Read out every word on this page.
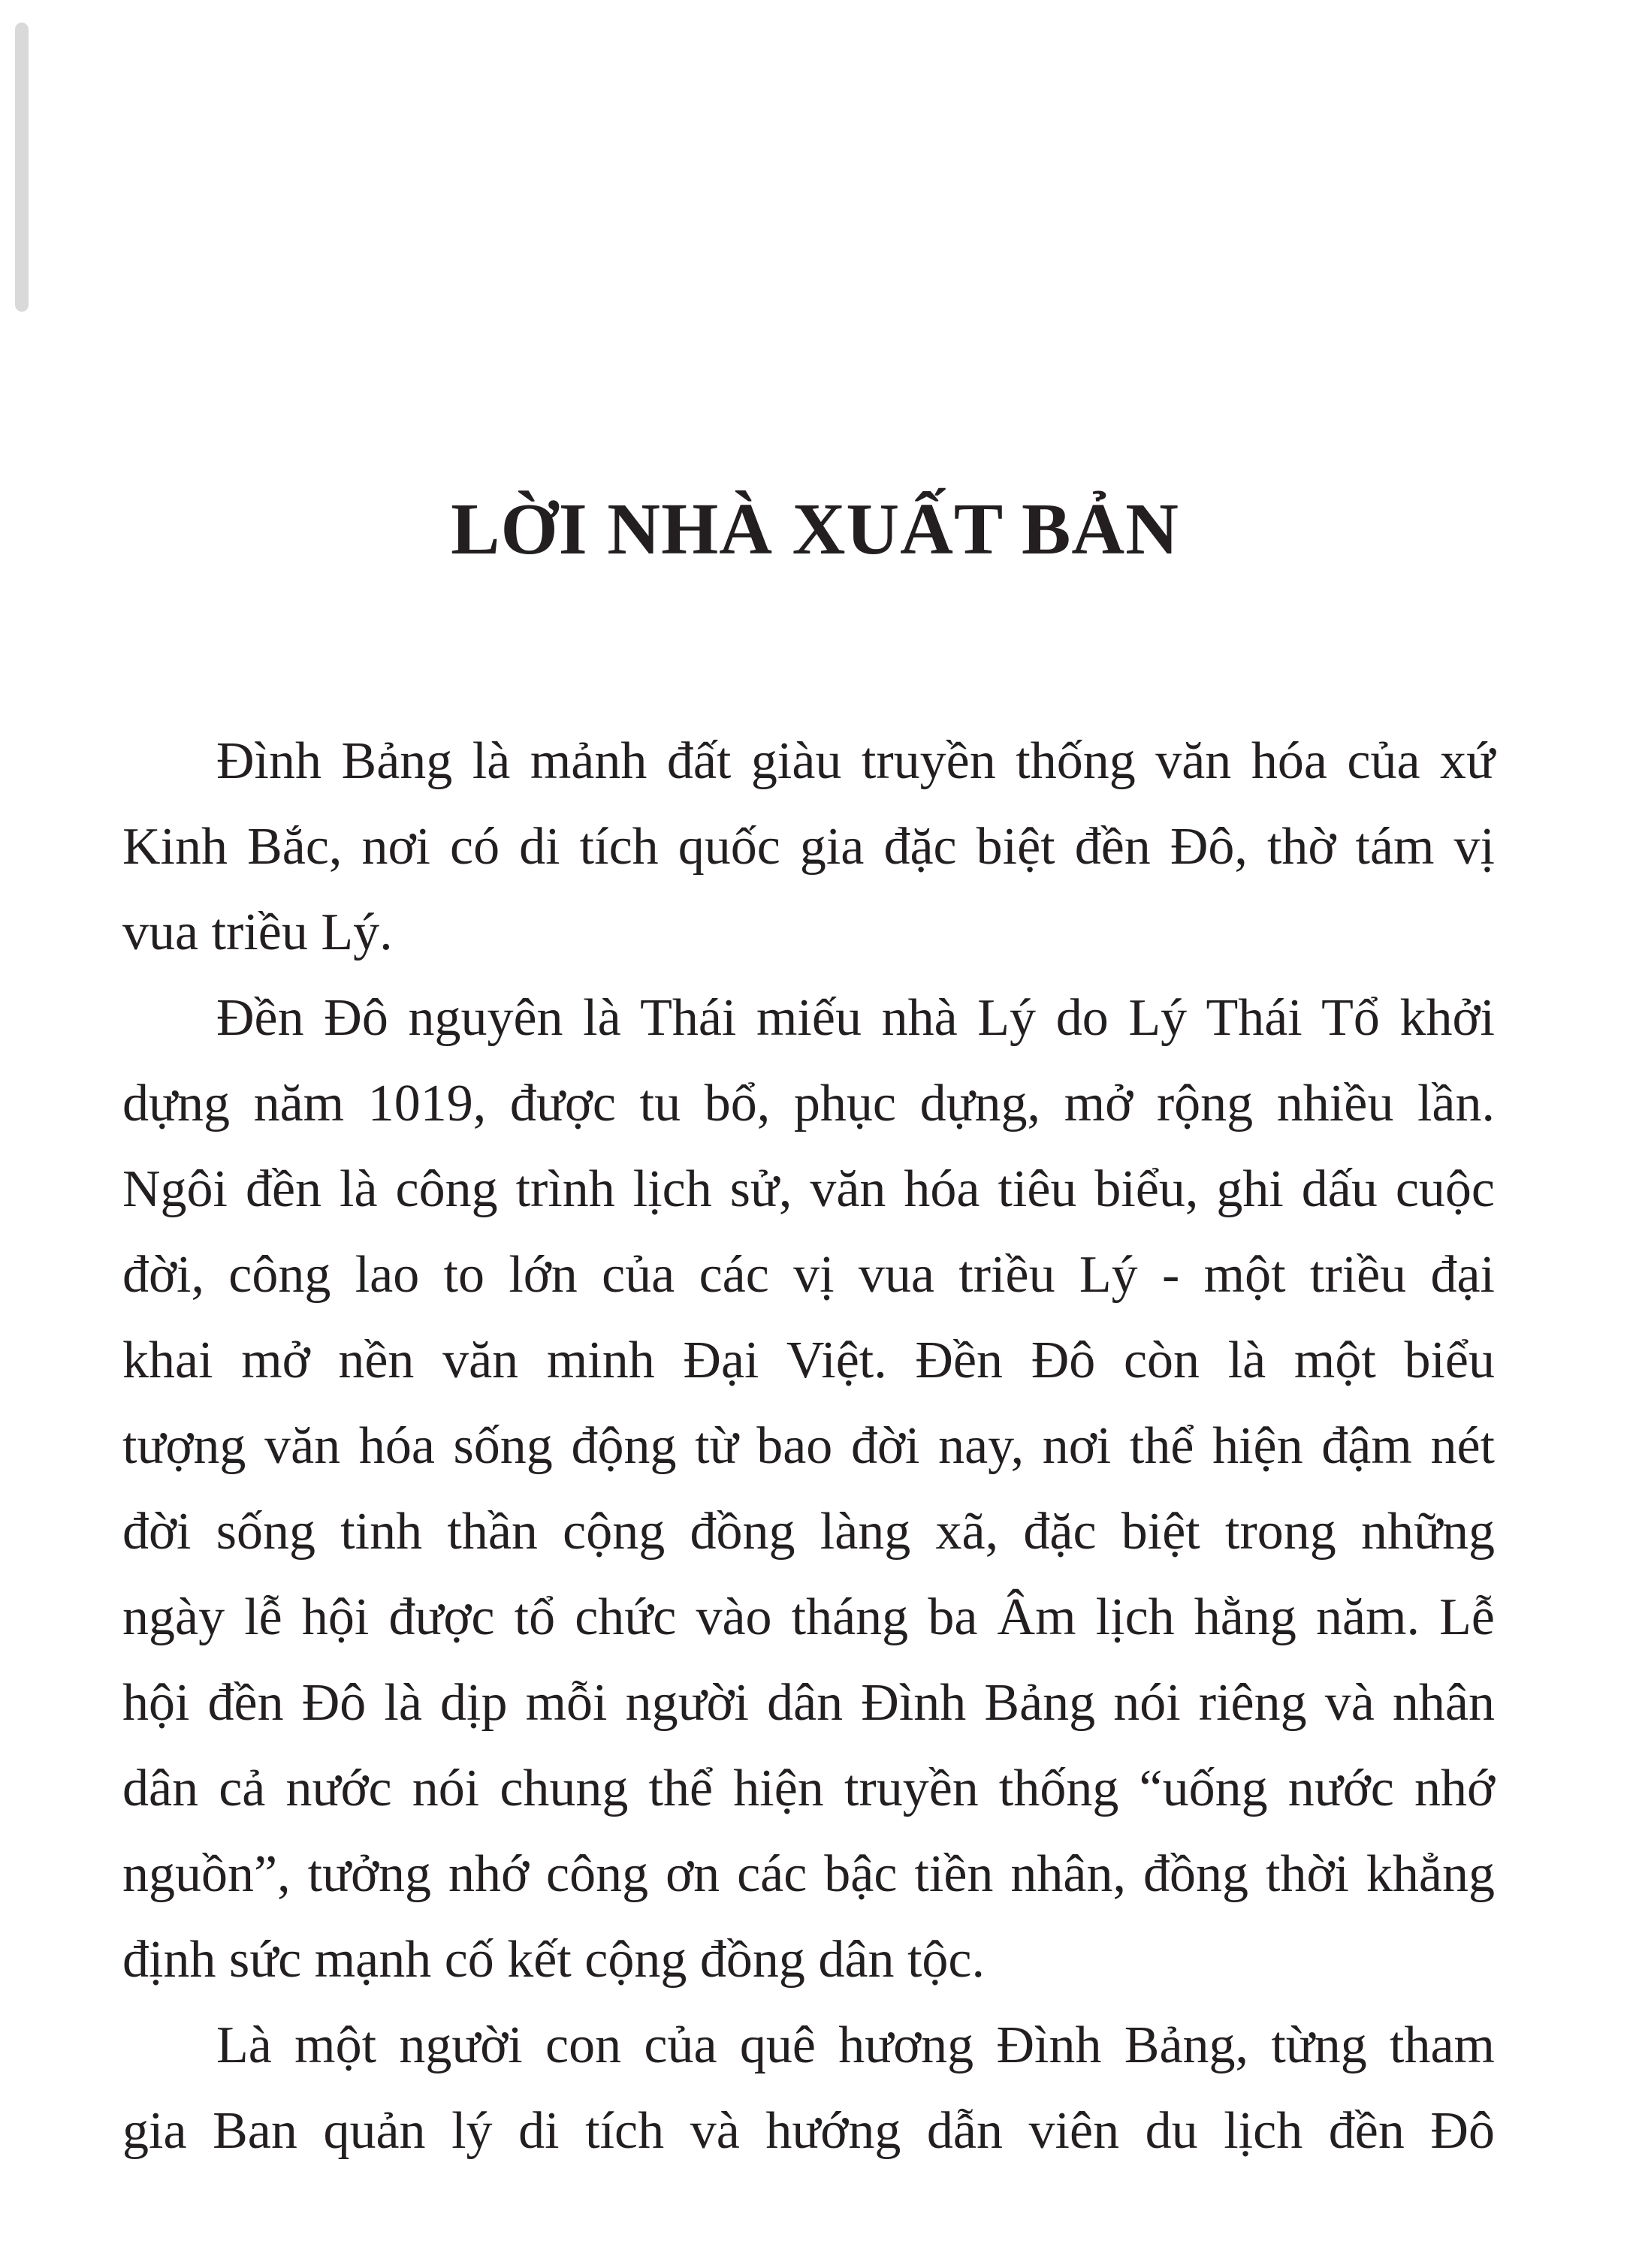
LỜI NHÀ XUẤT BẢN
Đình Bảng là mảnh đất giàu truyền thống văn hóa của xứ
Kinh Bắc, nơi có di tích quốc gia đặc biệt đền Đô, thờ tám vị
vua triều Lý.
Đền Đô nguyên là Thái miếu nhà Lý do Lý Thái Tổ khởi
dựng năm 1019, được tu bổ, phục dựng, mở rộng nhiều lần.
Ngôi đền là công trình lịch sử, văn hóa tiêu biểu, ghi dấu cuộc
đời, công lao to lớn của các vị vua triều Lý - một triều đại
khai mở nền văn minh Đại Việt. Đền Đô còn là một biểu
tượng văn hóa sống động từ bao đời nay, nơi thể hiện đậm nét
đời sống tinh thần cộng đồng làng xã, đặc biệt trong những
ngày lễ hội được tổ chức vào tháng ba Âm lịch hằng năm. Lễ
hội đền Đô là dịp mỗi người dân Đình Bảng nói riêng và nhân
dân cả nước nói chung thể hiện truyền thống “uống nước nhớ
nguồn”, tưởng nhớ công ơn các bậc tiền nhân, đồng thời khẳng
định sức mạnh cố kết cộng đồng dân tộc.
Là một người con của quê hương Đình Bảng, từng tham
gia Ban quản lý di tích và hướng dẫn viên du lịch đền Đô
